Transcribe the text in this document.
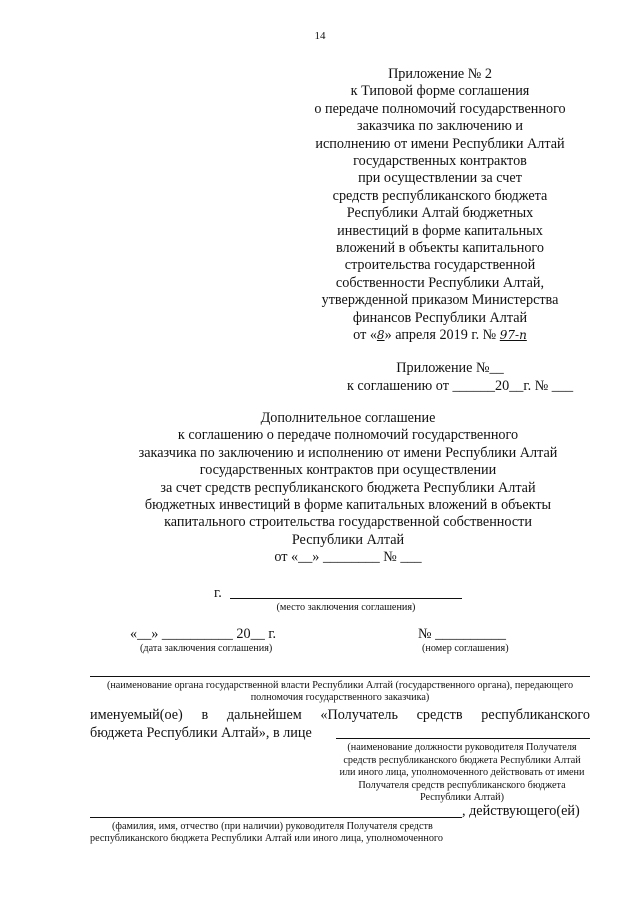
14
Приложение № 2
к Типовой форме соглашения
о передаче полномочий государственного
заказчика по заключению и
исполнению от имени Республики Алтай
государственных контрактов
при осуществлении за счет
средств республиканского бюджета
Республики Алтай бюджетных
инвестиций в форме капитальных
вложений в объекты капитального
строительства государственной
собственности Республики Алтай,
утвержденной приказом Министерства
финансов Республики Алтай
от «8» апреля 2019 г. № 97-п
Приложение №__
к соглашению от ______20__г. № ___
Дополнительное соглашение
к соглашению о передаче полномочий государственного
заказчика по заключению и исполнению от имени Республики Алтай
государственных контрактов при осуществлении
за счет средств республиканского бюджета Республики Алтай
бюджетных инвестиций в форме капитальных вложений в объекты
капитального строительства государственной собственности
Республики Алтай
от «__» ________ № ___
г.
(место заключения соглашения)
«__» __________ 20__ г.
(дата заключения соглашения)
№ __________
(номер соглашения)
(наименование органа государственной власти Республики Алтай (государственного органа), передающего
полномочия государственного заказчика)
именуемый(ое) в дальнейшем «Получатель средств республиканского
бюджета Республики Алтай», в лице
(наименование должности руководителя Получателя
средств республиканского бюджета Республики Алтай
или иного лица, уполномоченного действовать от имени
Получателя средств республиканского бюджета
Республики Алтай)
, действующего(ей)
(фамилия, имя, отчество (при наличии) руководителя Получателя средств
республиканского бюджета Республики Алтай или иного лица, уполномоченного
